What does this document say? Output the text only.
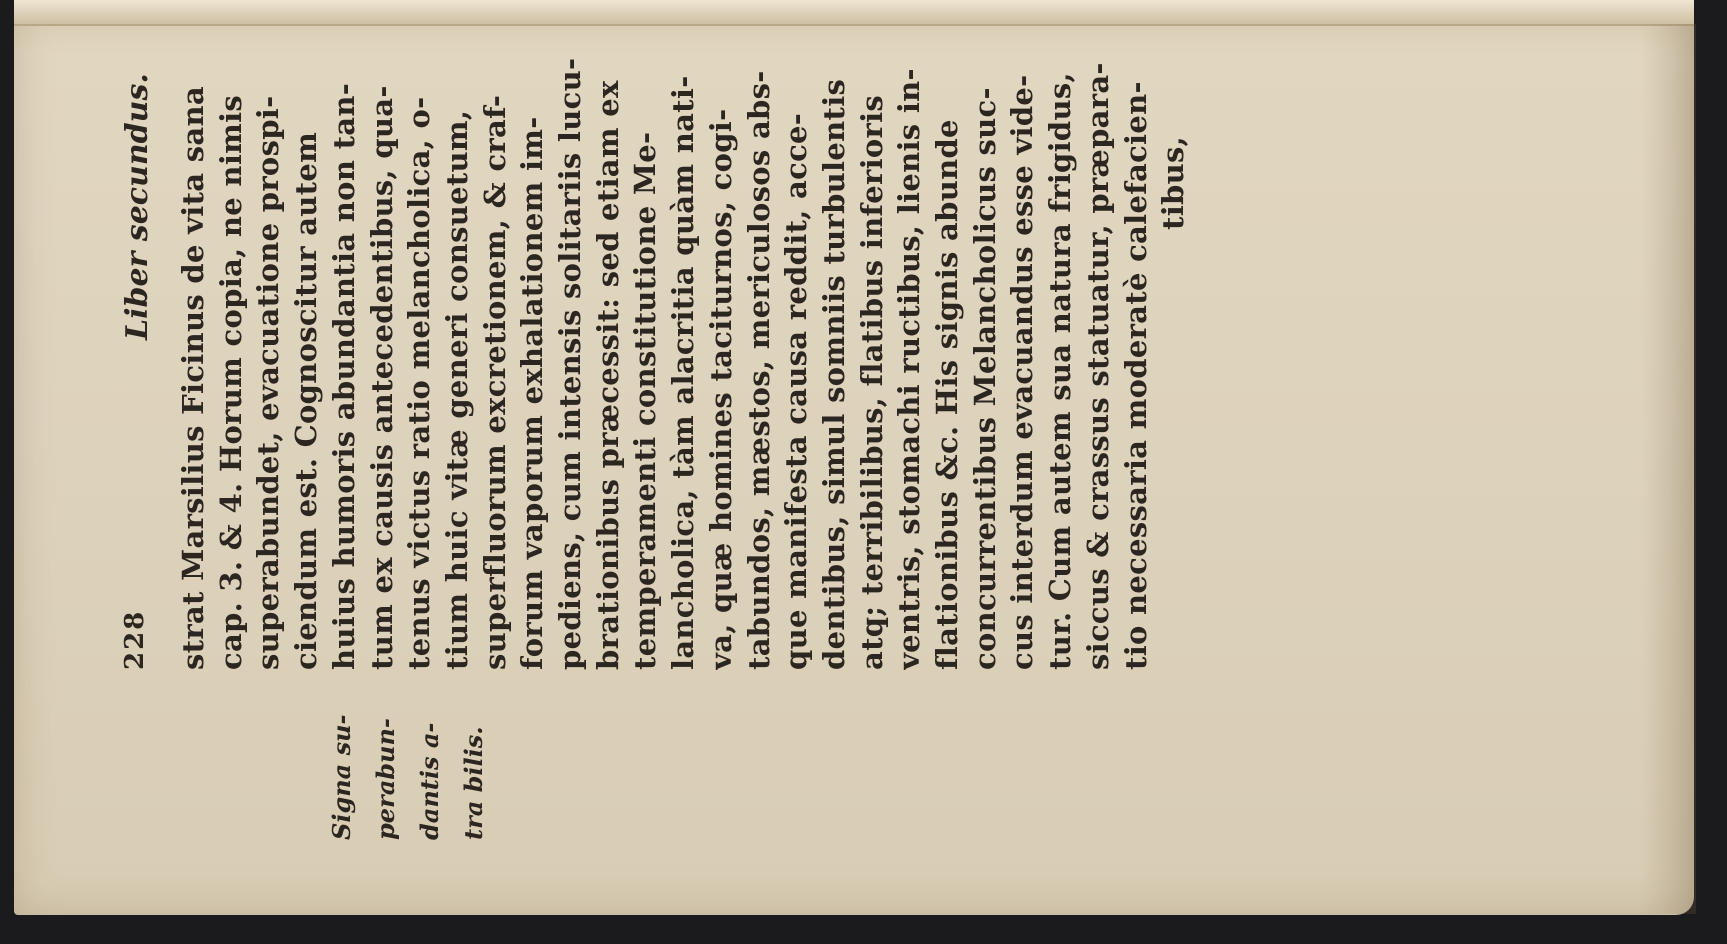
228
Liber secundus.
Signa su- perabun- dantis a- tra bilis.
strat Marsilius Ficinus de vita sana cap. 3. & 4. Horum copia, ne nimis superabundet, evacuatione prospi- ciendum est. Cognoscitur autem huius humoris abundantia non tan- tum ex causis antecedentibus, qua- tenus victus ratio melancholica, o- tium huic vitæ generi consuetum, superfluorum excretionem, & craf- forum vaporum exhalationem im- pediens, cum intensis solitariis lucu- brationibus præcessit: sed etiam ex temperamenti constitutione Me- lancholica, tàm alacritia quàm nati- va, quæ homines taciturnos, cogi- tabundos, mæstos, mericulosos abs- que manifesta causa reddit, acce- dentibus, simul somniis turbulentis atq; terribilibus, flatibus inferioris ventris, stomachi ructibus, lienis in- flationibus &c. His signis abunde concurrentibus Melancholicus suc- cus interdum evacuandus esse vide- tur. Cum autem sua natura frigidus, siccus & crassus statuatur, præpara- tio necessaria moderatè calefacien- tibus,
